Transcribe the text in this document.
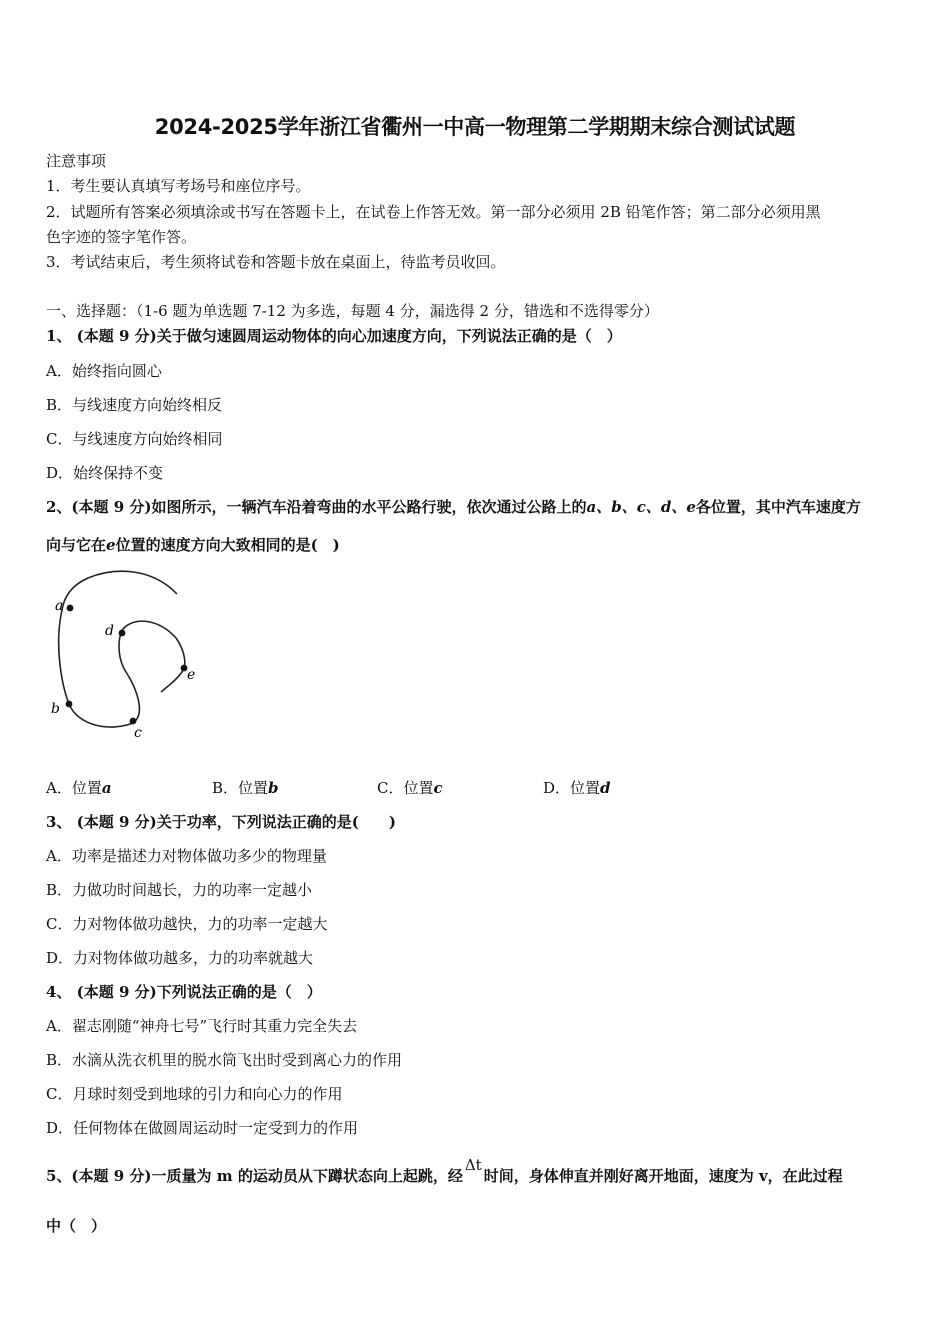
2024-2025学年浙江省衢州一中高一物理第二学期期末综合测试试题
注意事项
1．考生要认真填写考场号和座位序号。
2．试题所有答案必须填涂或书写在答题卡上，在试卷上作答无效。第一部分必须用 2B 铅笔作答；第二部分必须用黑
色字迹的签字笔作答。
3．考试结束后，考生须将试卷和答题卡放在桌面上，待监考员收回。
一、选择题：（1-6 题为单选题 7-12 为多选，每题 4 分，漏选得 2 分，错选和不选得零分）
1、 (本题 9 分)关于做匀速圆周运动物体的向心加速度方向，下列说法正确的是（　）
A．始终指向圆心
B．与线速度方向始终相反
C．与线速度方向始终相同
D．始终保持不变
2、(本题 9 分)如图所示，一辆汽车沿着弯曲的水平公路行驶，依次通过公路上的a、b、c、d、e各位置，其中汽车速度方
向与它在e位置的速度方向大致相同的是(　)
a
b
c
d
e
A．位置a	B．位置b	C．位置c	D．位置d
3、 (本题 9 分)关于功率，下列说法正确的是(　　)
A．功率是描述力对物体做功多少的物理量
B．力做功时间越长，力的功率一定越小
C．力对物体做功越快，力的功率一定越大
D．力对物体做功越多，力的功率就越大
4、 (本题 9 分)下列说法正确的是（　）
A．翟志刚随“神舟七号”飞行时其重力完全失去
B．水滴从洗衣机里的脱水筒飞出时受到离心力的作用
C．月球时刻受到地球的引力和向心力的作用
D．任何物体在做圆周运动时一定受到力的作用
5、(本题 9 分)一质量为 m 的运动员从下蹲状态向上起跳，经Δt时间，身体伸直并刚好离开地面，速度为 v，在此过程
中（　）
